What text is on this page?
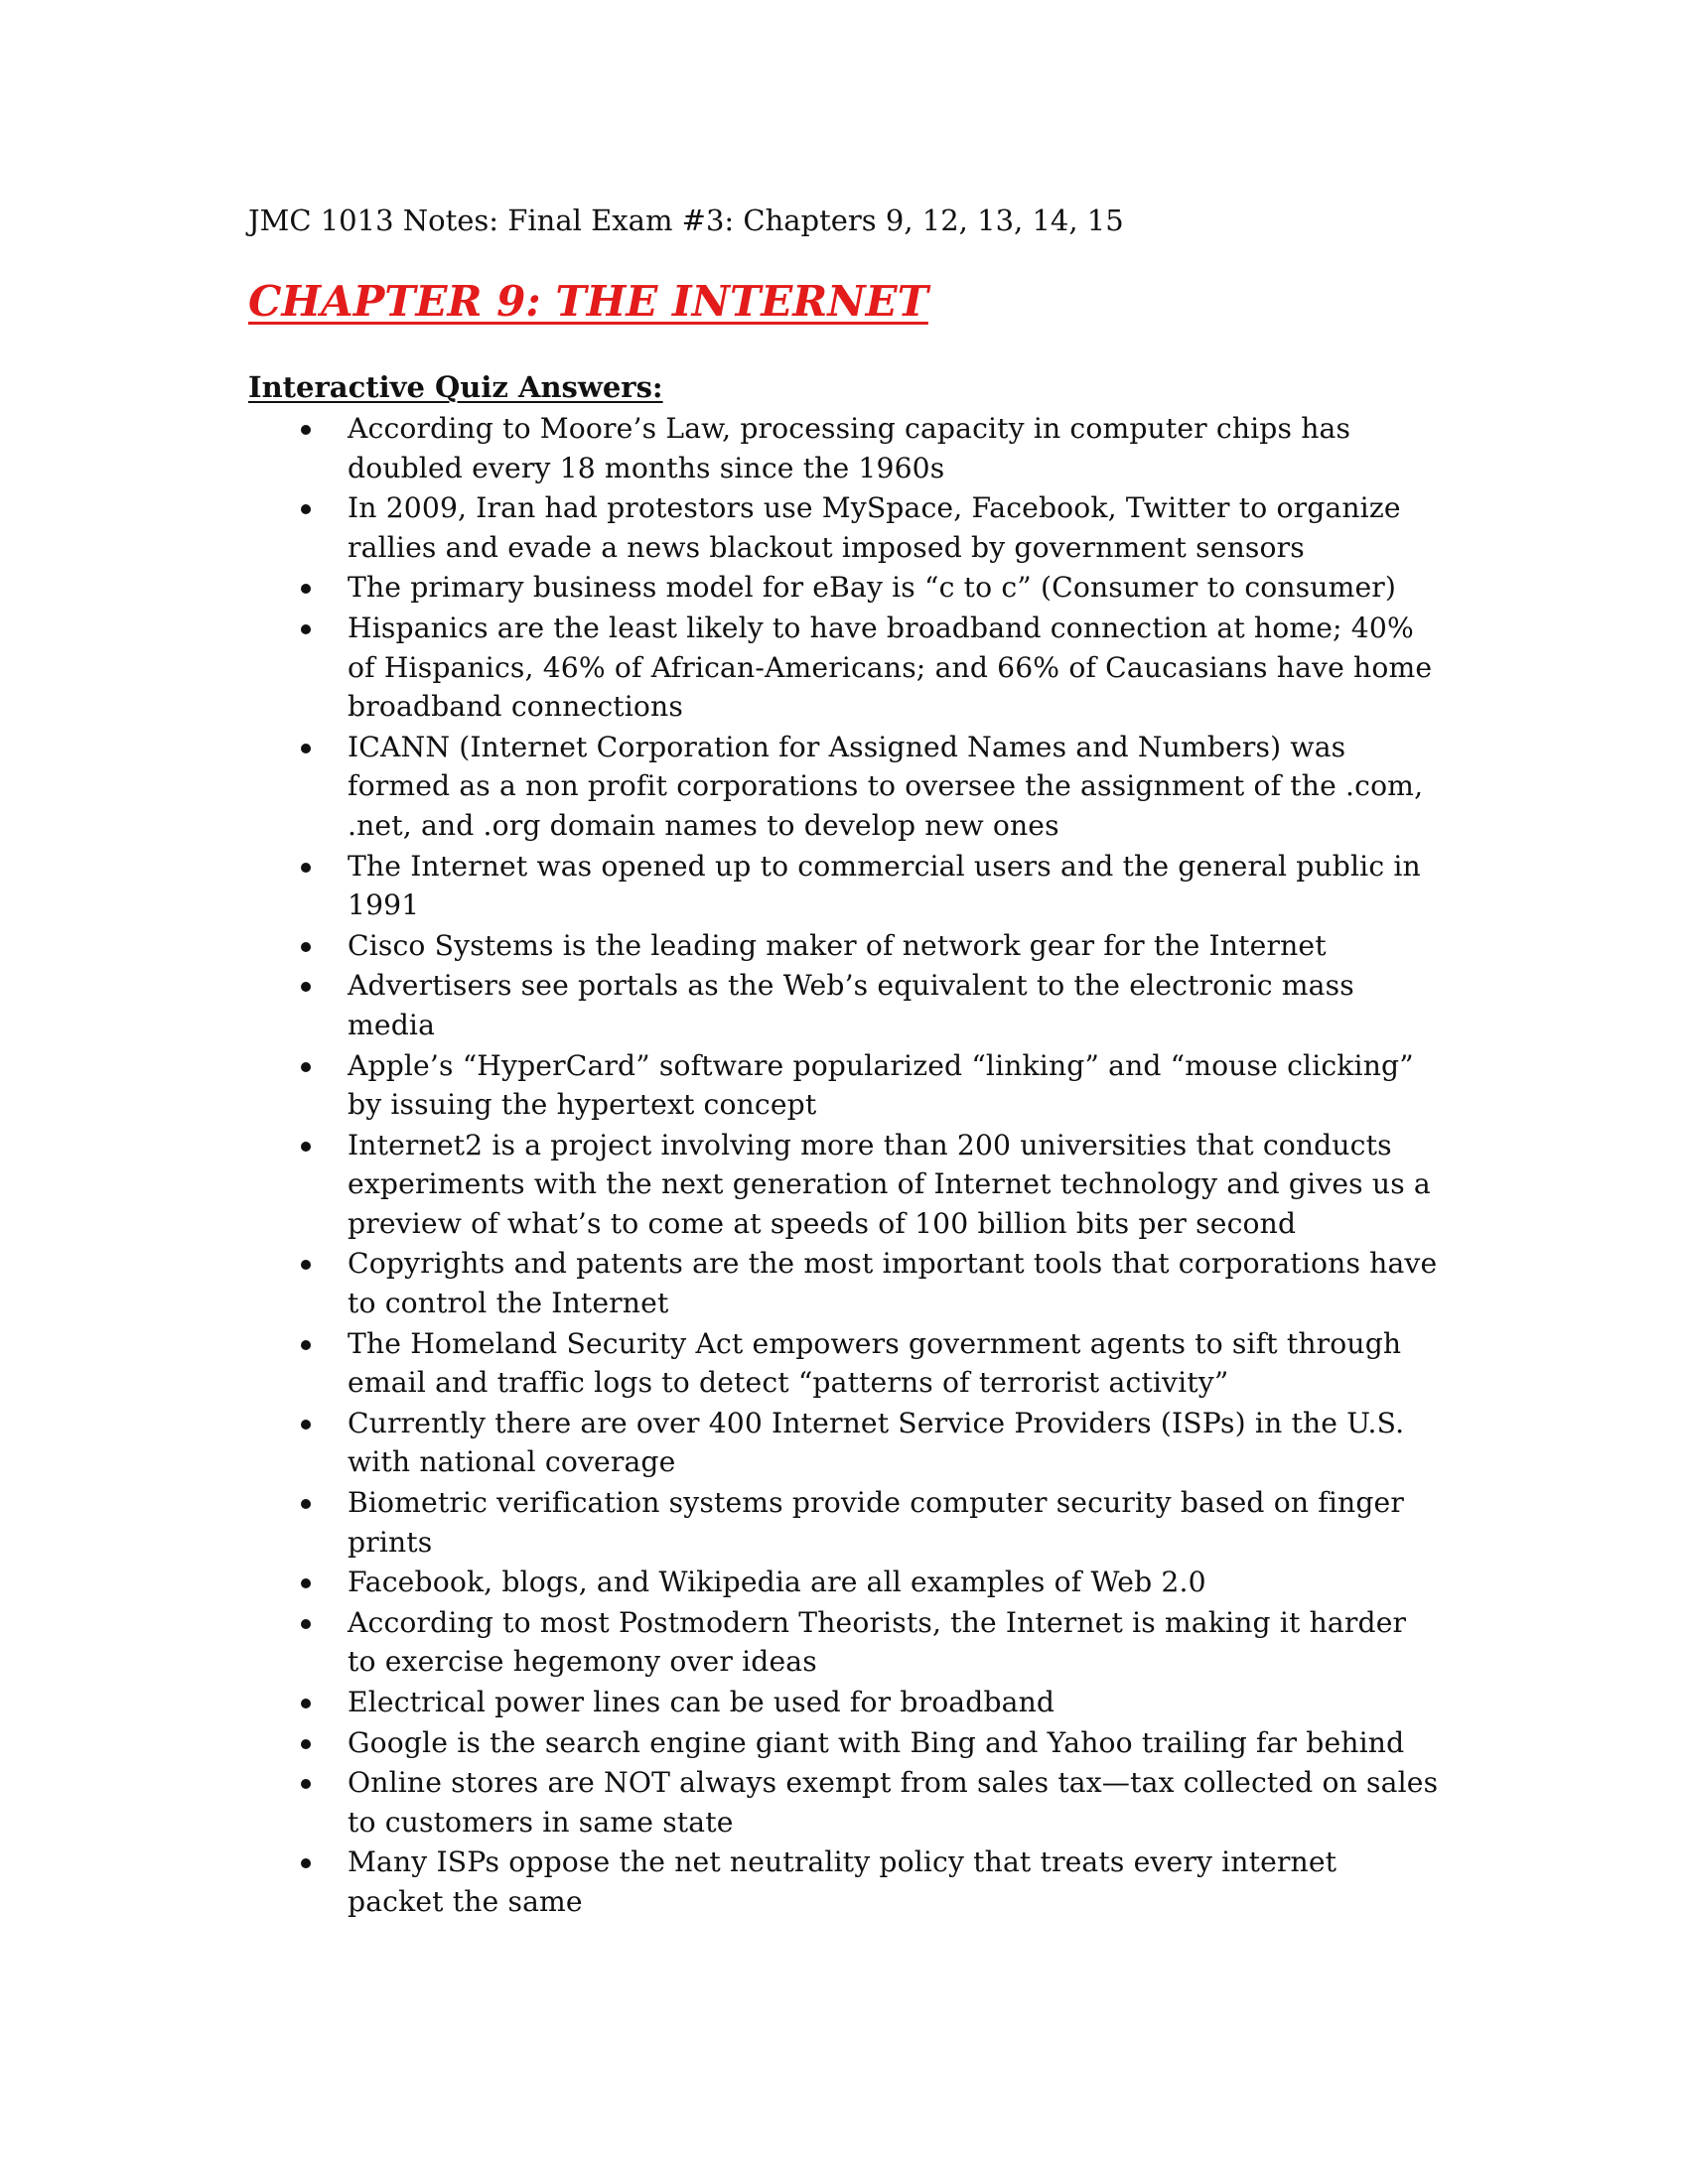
JMC 1013 Notes: Final Exam #3: Chapters 9, 12, 13, 14, 15
CHAPTER 9: THE INTERNET
Interactive Quiz Answers:
According to Moore’s Law, processing capacity in computer chips has doubled every 18 months since the 1960s
In 2009, Iran had protestors use MySpace, Facebook, Twitter to organize rallies and evade a news blackout imposed by government sensors
The primary business model for eBay is “c to c” (Consumer to consumer)
Hispanics are the least likely to have broadband connection at home; 40% of Hispanics, 46% of African-Americans; and 66% of Caucasians have home broadband connections
ICANN (Internet Corporation for Assigned Names and Numbers) was formed as a non profit corporations to oversee the assignment of the .com, .net, and .org domain names to develop new ones
The Internet was opened up to commercial users and the general public in 1991
Cisco Systems is the leading maker of network gear for the Internet
Advertisers see portals as the Web’s equivalent to the electronic mass media
Apple’s “HyperCard” software popularized “linking” and “mouse clicking” by issuing the hypertext concept
Internet2 is a project involving more than 200 universities that conducts experiments with the next generation of Internet technology and gives us a preview of what’s to come at speeds of 100 billion bits per second
Copyrights and patents are the most important tools that corporations have to control the Internet
The Homeland Security Act empowers government agents to sift through email and traffic logs to detect “patterns of terrorist activity”
Currently there are over 400 Internet Service Providers (ISPs) in the U.S. with national coverage
Biometric verification systems provide computer security based on finger prints
Facebook, blogs, and Wikipedia are all examples of Web 2.0
According to most Postmodern Theorists, the Internet is making it harder to exercise hegemony over ideas
Electrical power lines can be used for broadband
Google is the search engine giant with Bing and Yahoo trailing far behind
Online stores are NOT always exempt from sales tax—tax collected on sales to customers in same state
Many ISPs oppose the net neutrality policy that treats every internet packet the same
